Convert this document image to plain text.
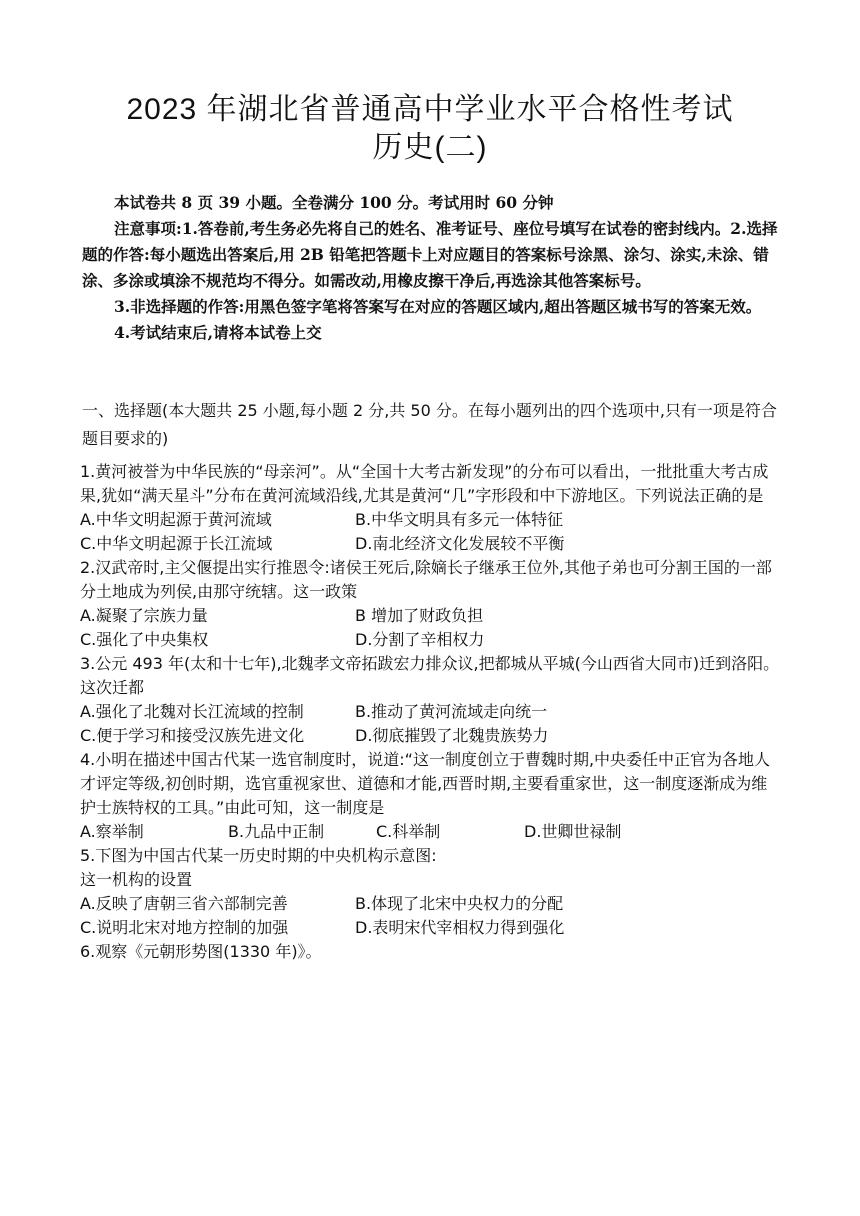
2023 年湖北省普通高中学业水平合格性考试
历史(二)

本试卷共 8 页 39 小题。全卷满分 100 分。考试用时 60 分钟

注意事项:1.答卷前,考生务必先将自己的姓名、准考证号、座位号填写在试卷的密封线内。2.选择题的作答:每小题选出答案后,用 2B 铅笔把答题卡上对应题目的答案标号涂黑、涂匀、涂实,未涂、错涂、多涂或填涂不规范均不得分。如需改动,用橡皮擦干净后,再选涂其他答案标号。

3.非选择题的作答:用黑色签字笔将答案写在对应的答题区域内,超出答题区城书写的答案无效。

4.考试结束后,请将本试卷上交

一、选择题(本大题共 25 小题,每小题 2 分,共 50 分。在每小题列出的四个选项中,只有一项是符合题目要求的)

1.黄河被誉为中华民族的“母亲河”。从“全国十大考古新发现”的分布可以看出，一批批重大考古成果,犹如“满天星斗”分布在黄河流域沿线,尤其是黄河“几”字形段和中下游地区。下列说法正确的是

A.中华文明起源于黄河流域	B.中华文明具有多元一体特征
C.中华文明起源于长江流域	D.南北经济文化发展较不平衡

2.汉武帝时,主父偃提出实行推恩令:诸侯王死后,除嫡长子继承王位外,其他子弟也可分割王国的一部分土地成为列侯,由那守统辖。这一政策

A.凝聚了宗族力量	B 增加了财政负担
C.强化了中央集权	D.分割了辛相权力

3.公元 493 年(太和十七年),北魏孝文帝拓跋宏力排众议,把都城从平城(今山西省大同市)迁到洛阳。这次迁都

A.强化了北魏对长江流域的控制	B.推动了黄河流域走向统一
C.便于学习和接受汉族先进文化	D.彻底摧毁了北魏贵族势力

4.小明在描述中国古代某一选官制度时，说道:“这一制度创立于曹魏时期,中央委任中正官为各地人才评定等级,初创时期，选官重视家世、道德和才能,西晋时期,主要看重家世，这一制度逐渐成为维护士族特权的工具。”由此可知，这一制度是

A.察举制	B.九品中正制	C.科举制	D.世卿世禄制

5.下图为中国古代某一历史时期的中央机构示意图:

这一机构的设置

A.反映了唐朝三省六部制完善	B.体现了北宋中央权力的分配
C.说明北宋对地方控制的加强	D.表明宋代宰相权力得到强化

6.观察《元朝形势图(1330 年)》。
